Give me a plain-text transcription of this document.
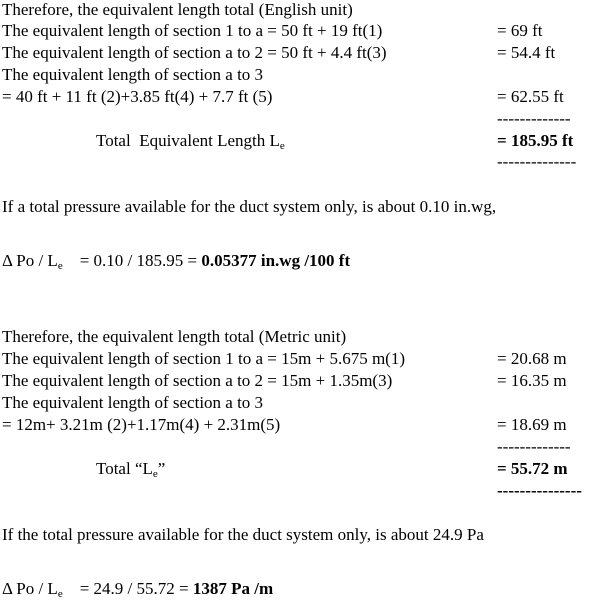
Therefore, the equivalent length total (English unit)
The equivalent length of section 1 to a = 50 ft + 19 ft(1)	= 69 ft
The equivalent length of section a to 2 = 50 ft + 4.4 ft(3)	= 54.4 ft
The equivalent length of section a to 3
= 40 ft + 11 ft (2)+3.85 ft(4) + 7.7 ft (5)	= 62.55 ft
-------------
Total  Equivalent Length $L_e$	= 185.95 ft
--------------
If a total pressure available for the duct system only, is about 0.10 in.wg,
Δ Po / $L_e$    = 0.10 / 185.95 = 0.05377 in.wg /100 ft
Therefore, the equivalent length total (Metric unit)
The equivalent length of section 1 to a = 15m + 5.675 m(1)	= 20.68 m
The equivalent length of section a to 2 = 15m + 1.35m(3)	= 16.35 m
The equivalent length of section a to 3
= 12m+ 3.21m (2)+1.17m(4) + 2.31m(5)	= 18.69 m
-------------
Total “$L_e$”	= 55.72 m
---------------
If the total pressure available for the duct system only, is about 24.9 Pa
Δ Po / $L_e$    = 24.9 / 55.72 = 1387 Pa /m
